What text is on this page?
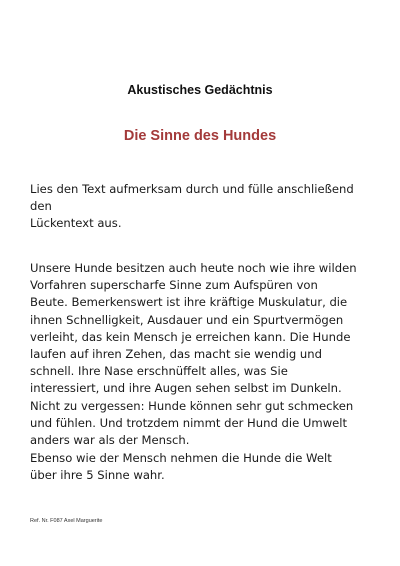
Akustisches Gedächtnis
Die Sinne des Hundes
Lies den Text aufmerksam durch und fülle anschließend
den
Lückentext aus.
Unsere Hunde besitzen auch heute noch wie ihre wilden
Vorfahren superscharfe Sinne zum Aufspüren von
Beute. Bemerkenswert ist ihre kräftige Muskulatur, die
ihnen Schnelligkeit, Ausdauer und ein Spurtvermögen
verleiht, das kein Mensch je erreichen kann. Die Hunde
laufen auf ihren Zehen, das macht sie wendig und
schnell. Ihre Nase erschnüffelt alles, was Sie
interessiert, und ihre Augen sehen selbst im Dunkeln.
Nicht zu vergessen: Hunde können sehr gut schmecken
und fühlen. Und trotzdem nimmt der Hund die Umwelt
anders war als der Mensch.
Ebenso wie der Mensch nehmen die Hunde die Welt
über ihre 5 Sinne wahr.
Ref. Nr. F087 Axel Marguerite
